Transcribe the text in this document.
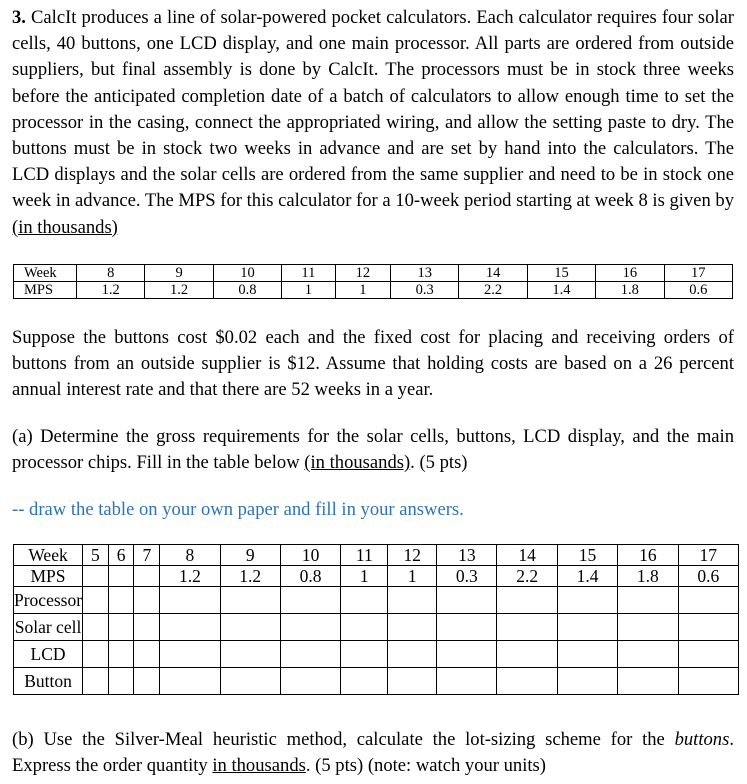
3. CalcIt produces a line of solar-powered pocket calculators. Each calculator requires four solar cells, 40 buttons, one LCD display, and one main processor. All parts are ordered from outside suppliers, but final assembly is done by CalcIt. The processors must be in stock three weeks before the anticipated completion date of a batch of calculators to allow enough time to set the processor in the casing, connect the appropriated wiring, and allow the setting paste to dry. The buttons must be in stock two weeks in advance and are set by hand into the calculators. The LCD displays and the solar cells are ordered from the same supplier and need to be in stock one week in advance. The MPS for this calculator for a 10-week period starting at week 8 is given by (in thousands)

Week	8	9	10	11	12	13	14	15	16	17
MPS	1.2	1.2	0.8	1	1	0.3	2.2	1.4	1.8	0.6

Suppose the buttons cost $0.02 each and the fixed cost for placing and receiving orders of buttons from an outside supplier is $12. Assume that holding costs are based on a 26 percent annual interest rate and that there are 52 weeks in a year.

(a) Determine the gross requirements for the solar cells, buttons, LCD display, and the main processor chips. Fill in the table below (in thousands). (5 pts)

-- draw the table on your own paper and fill in your answers.

Week	5	6	7	8	9	10	11	12	13	14	15	16	17
MPS				1.2	1.2	0.8	1	1	0.3	2.2	1.4	1.8	0.6
Processor													
Solar cell													
LCD													
Button													

(b) Use the Silver-Meal heuristic method, calculate the lot-sizing scheme for the buttons. Express the order quantity in thousands. (5 pts) (note: watch your units)
